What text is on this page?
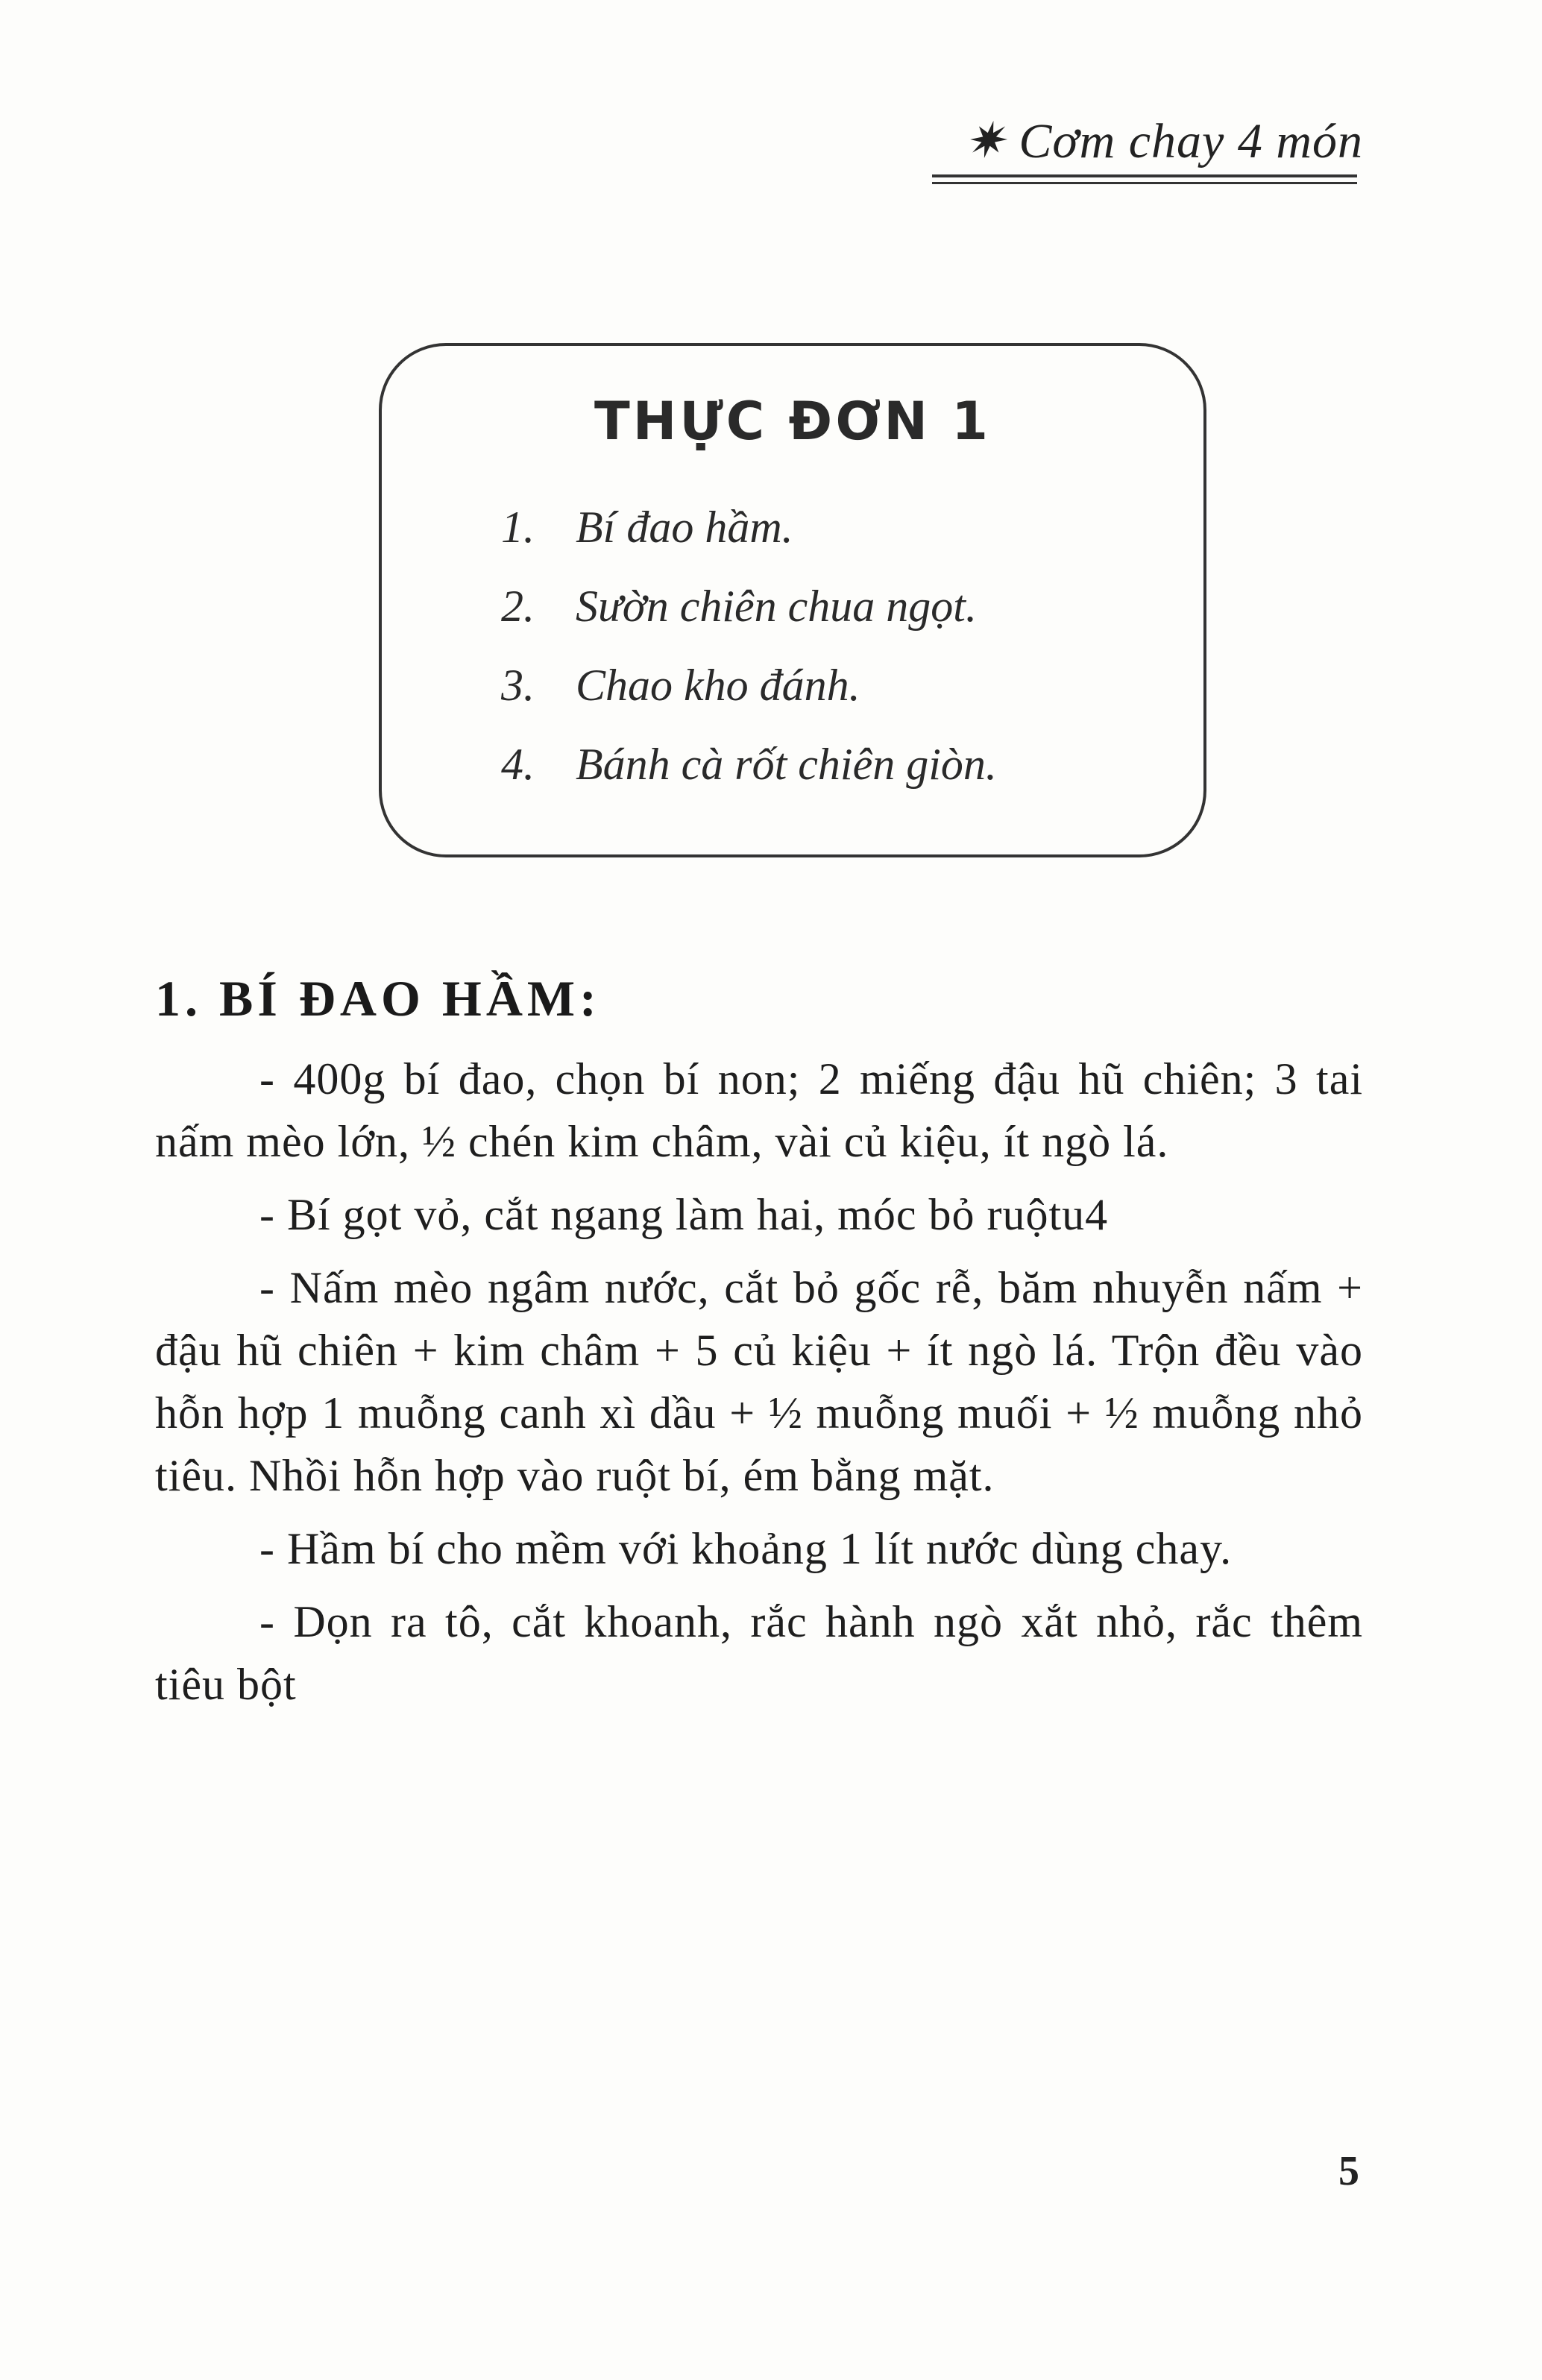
✷ Cơm chay 4 món
THỰC ĐƠN 1
1. Bí đao hầm.
2. Sườn chiên chua ngọt.
3. Chao kho đánh.
4. Bánh cà rốt chiên giòn.
1. BÍ ĐAO HẦM:

- 400g bí đao, chọn bí non; 2 miếng đậu hũ chiên; 3 tai nấm mèo lớn, ½ chén kim châm, vài củ kiệu, ít ngò lá.

- Bí gọt vỏ, cắt ngang làm hai, móc bỏ ruộtu4

- Nấm mèo ngâm nước, cắt bỏ gốc rễ, băm nhuyễn nấm + đậu hũ chiên + kim châm + 5 củ kiệu + ít ngò lá. Trộn đều vào hỗn hợp 1 muỗng canh xì dầu + ½ muỗng muối + ½ muỗng nhỏ tiêu. Nhồi hỗn hợp vào ruột bí, ém bằng mặt.

- Hầm bí cho mềm với khoảng 1 lít nước dùng chay.

- Dọn ra tô, cắt khoanh, rắc hành ngò xắt nhỏ, rắc thêm tiêu bột

5
